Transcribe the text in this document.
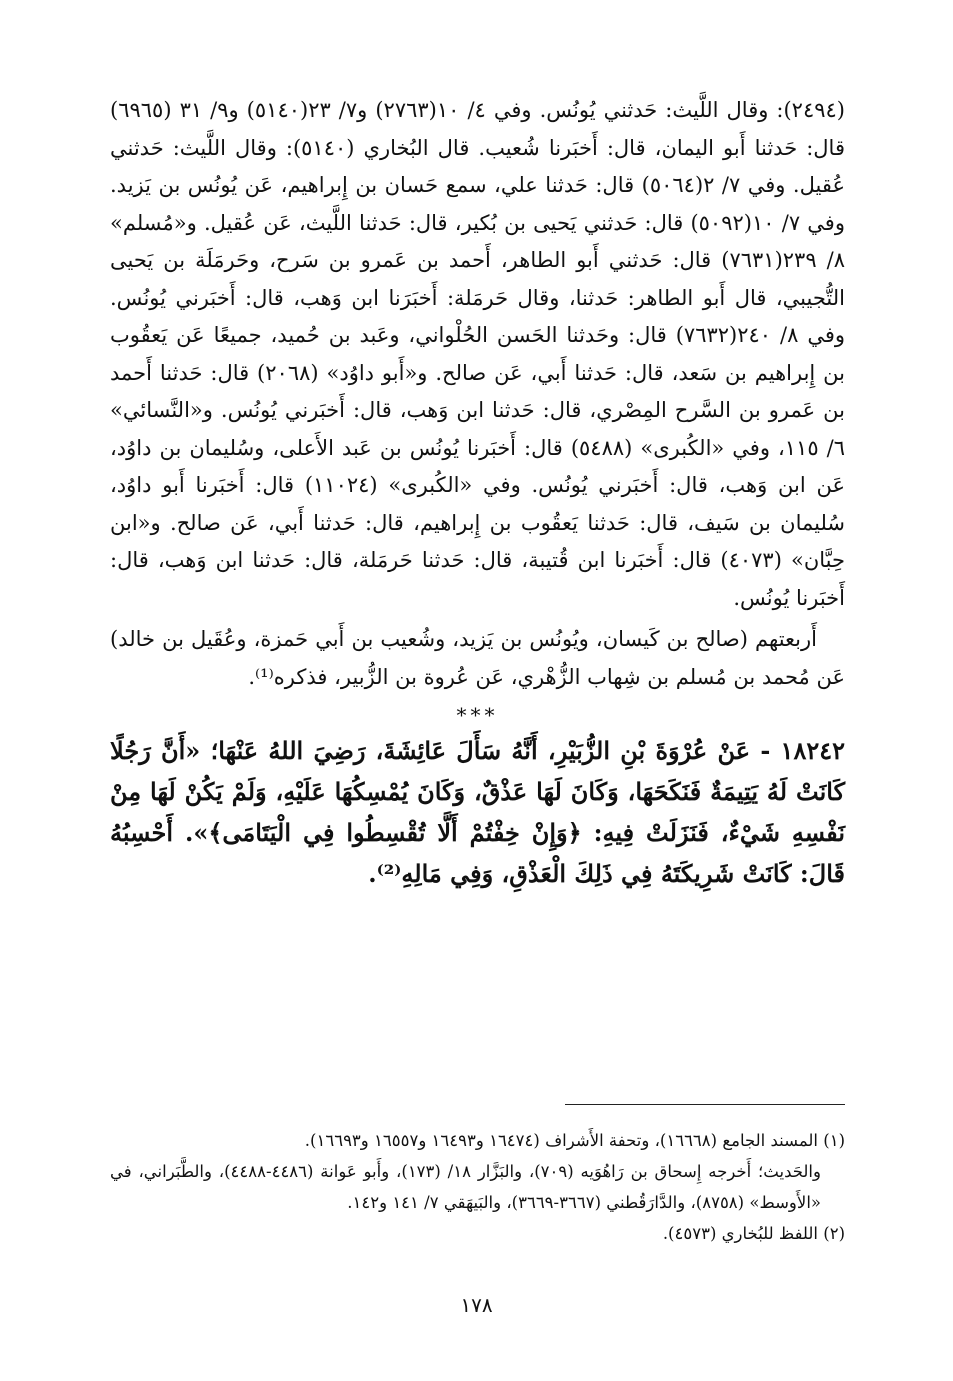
(٢٤٩٤): وقال اللَّيث: حَدثني يُونُس. وفي ٤/ ١٠(٢٧٦٣) و٧/ ٢٣(٥١٤٠) و٩/ ٣١ (٦٩٦٥) قال: حَدثنا أَبو اليمان، قال: أَخبَرنا شُعيب. قال البُخاري (٥١٤٠): وقال اللَّيث: حَدثني عُقيل. وفي ٧/ ٢(٥٠٦٤) قال: حَدثنا علي، سمع حَسان بن إِبراهيم، عَن يُونُس بن يَزيد. وفي ٧/ ١٠(٥٠٩٢) قال: حَدثني يَحيى بن بُكير، قال: حَدثنا اللَّيث، عَن عُقيل. و«مُسلم» ٨/ ٢٣٩(٧٦٣١) قال: حَدثني أَبو الطاهر، أَحمد بن عَمرو بن سَرح، وحَرمَلَة بن يَحيى التُّجيبي، قال أَبو الطاهر: حَدثنا، وقال حَرمَلة: أَخبَرَنا ابن وَهب، قال: أَخبَرني يُونُس. وفي ٨/ ٢٤٠(٧٦٣٢) قال: وحَدثنا الحَسن الحُلْواني، وعَبد بن حُميد، جميعًا عَن يَعقُوب بن إِبراهيم بن سَعد، قال: حَدثنا أَبي، عَن صالح. و«أَبو داوُد» (٢٠٦٨) قال: حَدثنا أَحمد بن عَمرو بن السَّرح المِصْري، قال: حَدثنا ابن وَهب، قال: أَخبَرني يُونُس. و«النَّسائي» ٦/ ١١٥، وفي «الكُبرى» (٥٤٨٨) قال: أَخبَرنا يُونُس بن عَبد الأَعلى، وسُليمان بن داوُد، عَن ابن وَهب، قال: أَخبَرني يُونُس. وفي «الكُبرى» (١١٠٢٤) قال: أَخبَرنا أَبو داوُد، سُليمان بن سَيف، قال: حَدثنا يَعقُوب بن إِبراهيم، قال: حَدثنا أَبي، عَن صالح. و«ابن حِبَّان» (٤٠٧٣) قال: أَخبَرنا ابن قُتيبة، قال: حَدثنا حَرمَلة، قال: حَدثنا ابن وَهب، قال: أَخبَرنا يُونُس.

أَربعتهم (صالح بن كَيسان، ويُونُس بن يَزيد، وشُعيب بن أَبي حَمزة، وعُقَيل بن خالد) عَن مُحمد بن مُسلم بن شِهاب الزُّهْري، عَن عُروة بن الزُّبير، فذكره⁽¹⁾.

***

١٨٢٤٢ - عَنْ عُرْوَةَ بْنِ الزُّبَيْرِ، أَنَّهُ سَأَلَ عَائِشَةَ، رَضِيَ اللهُ عَنْهَا؛ «أَنَّ رَجُلًا كَانَتْ لَهُ يَتِيمَةٌ فَنَكَحَهَا، وَكَانَ لَهَا عَذْقٌ، وَكَانَ يُمْسِكُهَا عَلَيْهِ، وَلَمْ يَكُنْ لَهَا مِنْ نَفْسِهِ شَيْءٌ، فَنَزَلَتْ فِيهِ: ﴿وَإِنْ خِفْتُمْ أَلَّا تُقْسِطُوا فِي الْيَتَامَى﴾». أَحْسِبُهُ قَالَ: كَانَتْ شَرِيكَتَهُ فِي ذَلِكَ الْعَذْقِ، وَفِي مَالِهِ⁽²⁾.

(١) المسند الجامع (١٦٦٦٨)، وتحفة الأَشراف (١٦٤٧٤ و١٦٤٩٣ و١٦٥٥٧ و١٦٦٩٣).

والحَديث؛ أَخرجه إِسحاق بن رَاهُوَيه (٧٠٩)، والبَزَّار ١٨/ (١٧٣)، وأَبو عَوانة (٤٤٨٦-٤٤٨٨)، والطَّبَراني، في «الأَوسط» (٨٧٥٨)، والدَّارَقُطني (٣٦٦٧-٣٦٦٩)، والبَيهَقي ٧/ ١٤١ و١٤٢.

(٢) اللفظ للبُخاري (٤٥٧٣).

١٧٨
